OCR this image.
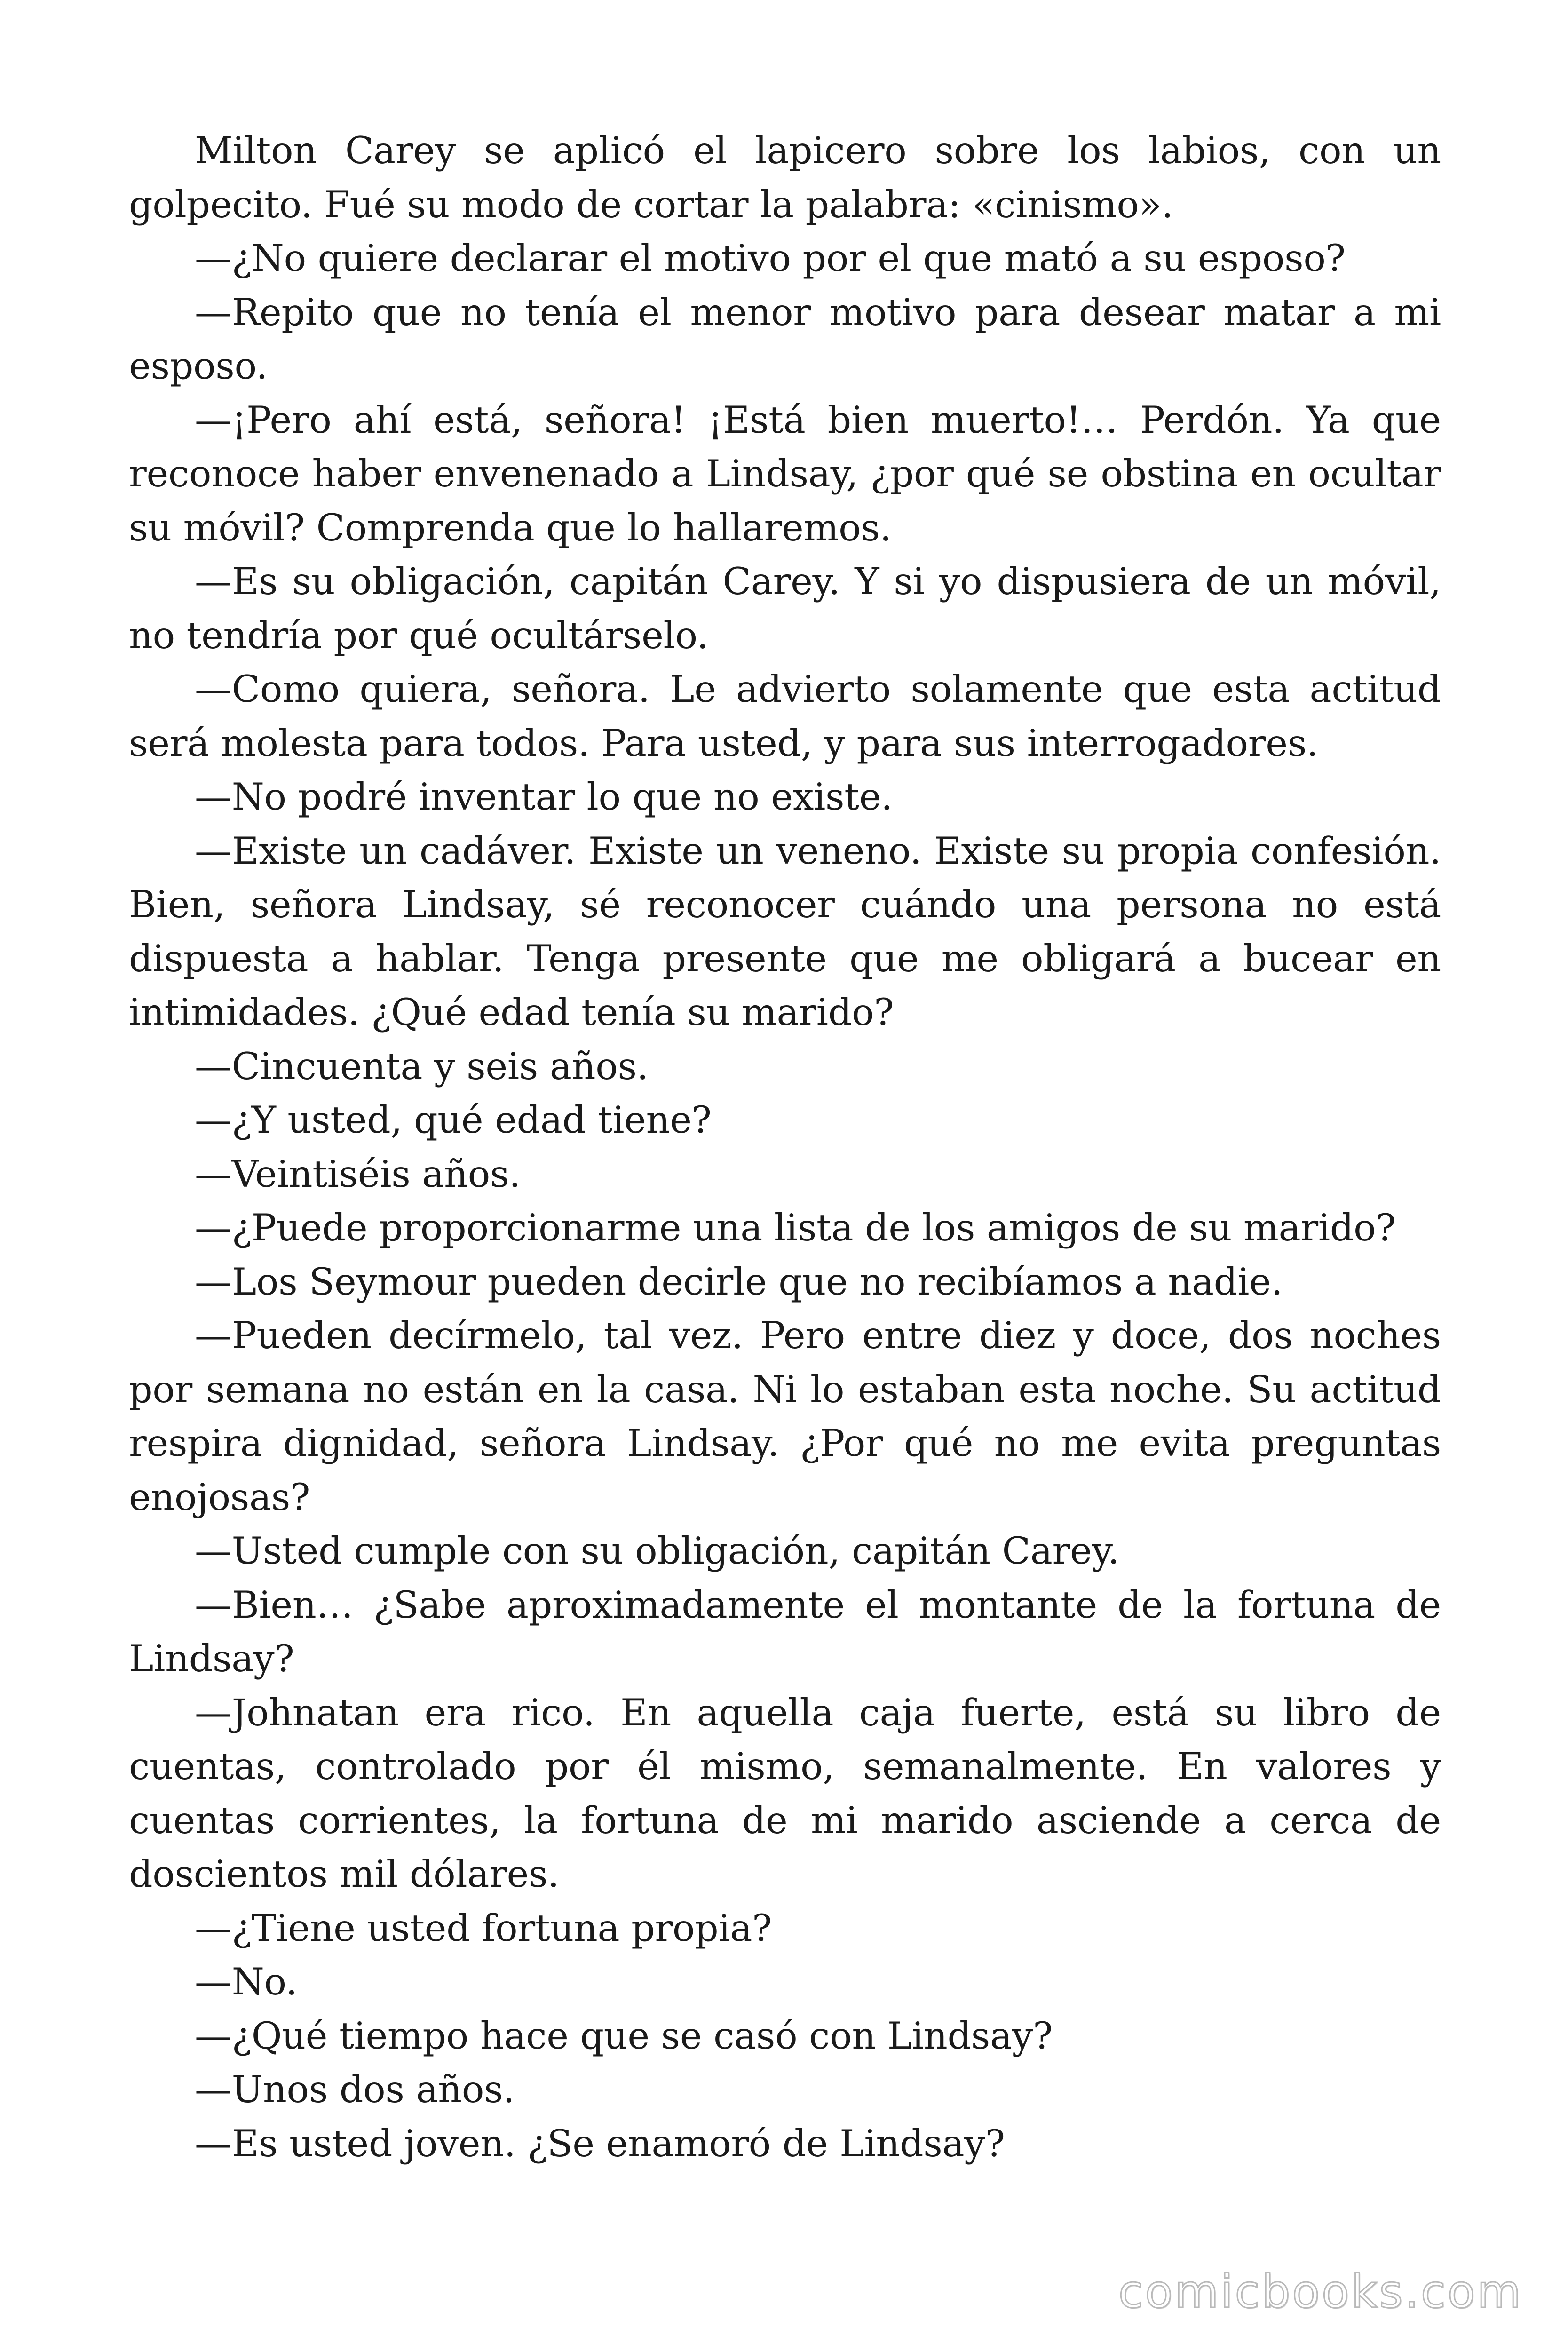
Milton Carey se aplicó el lapicero sobre los labios, con un golpecito. Fué su modo de cortar la palabra: «cinismo».

—¿No quiere declarar el motivo por el que mató a su esposo?

—Repito que no tenía el menor motivo para desear matar a mi esposo.

—¡Pero ahí está, señora! ¡Está bien muerto!… Perdón. Ya que reconoce haber envenenado a Lindsay, ¿por qué se obstina en ocultar su móvil? Comprenda que lo hallaremos.

—Es su obligación, capitán Carey. Y si yo dispusiera de un móvil, no tendría por qué ocultárselo.

—Como quiera, señora. Le advierto solamente que esta actitud será molesta para todos. Para usted, y para sus interrogadores.

—No podré inventar lo que no existe.

—Existe un cadáver. Existe un veneno. Existe su propia confesión. Bien, señora Lindsay, sé reconocer cuándo una persona no está dispuesta a hablar. Tenga presente que me obligará a bucear en intimidades. ¿Qué edad tenía su marido?

—Cincuenta y seis años.

—¿Y usted, qué edad tiene?

—Veintiséis años.

—¿Puede proporcionarme una lista de los amigos de su marido?

—Los Seymour pueden decirle que no recibíamos a nadie.

—Pueden decírmelo, tal vez. Pero entre diez y doce, dos noches por semana no están en la casa. Ni lo estaban esta noche. Su actitud respira dignidad, señora Lindsay. ¿Por qué no me evita preguntas enojosas?

—Usted cumple con su obligación, capitán Carey.

—Bien… ¿Sabe aproximadamente el montante de la fortuna de Lindsay?

—Johnatan era rico. En aquella caja fuerte, está su libro de cuentas, controlado por él mismo, semanalmente. En valores y cuentas corrientes, la fortuna de mi marido asciende a cerca de doscientos mil dólares.

—¿Tiene usted fortuna propia?

—No.

—¿Qué tiempo hace que se casó con Lindsay?

—Unos dos años.

—Es usted joven. ¿Se enamoró de Lindsay?

comicbooks.com
